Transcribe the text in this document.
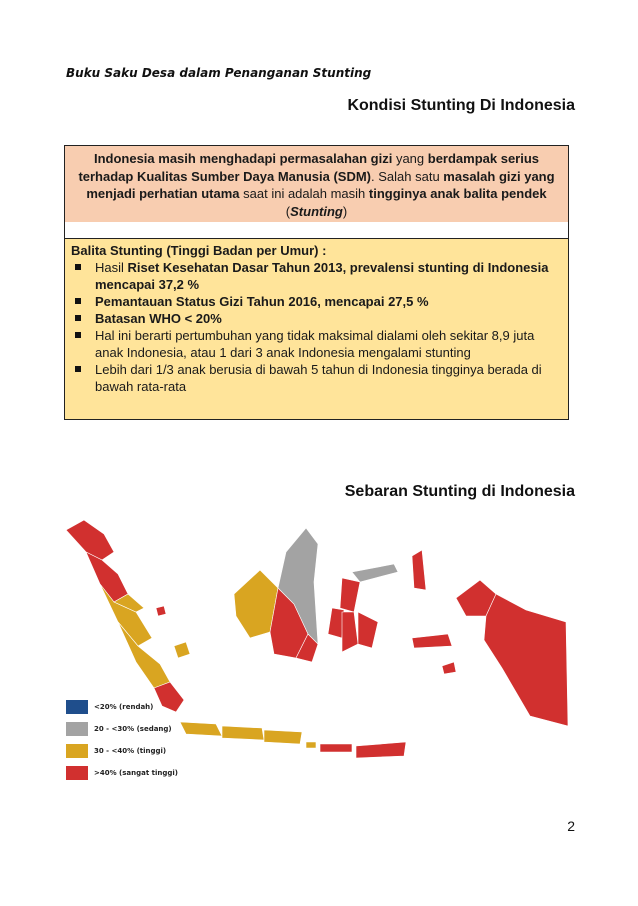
Buku Saku Desa dalam Penanganan Stunting
Kondisi Stunting Di Indonesia
Indonesia masih menghadapi permasalahan gizi yang berdampak serius terhadap Kualitas Sumber Daya Manusia (SDM). Salah satu masalah gizi yang menjadi perhatian utama saat ini adalah masih tingginya anak balita pendek (Stunting)
Balita Stunting (Tinggi Badan per Umur) :
Hasil Riset Kesehatan Dasar Tahun 2013, prevalensi stunting di Indonesia mencapai 37,2 %
Pemantauan Status Gizi Tahun 2016, mencapai 27,5 %
Batasan WHO < 20%
Hal ini berarti pertumbuhan yang tidak maksimal dialami oleh sekitar 8,9 juta anak Indonesia, atau 1 dari 3 anak Indonesia mengalami stunting
Lebih dari 1/3 anak berusia di bawah 5 tahun di Indonesia tingginya berada di bawah rata-rata
Sebaran Stunting di Indonesia
<20% (rendah)
20 - <30% (sedang)
30 - <40% (tinggi)
>40% (sangat tinggi)
2
